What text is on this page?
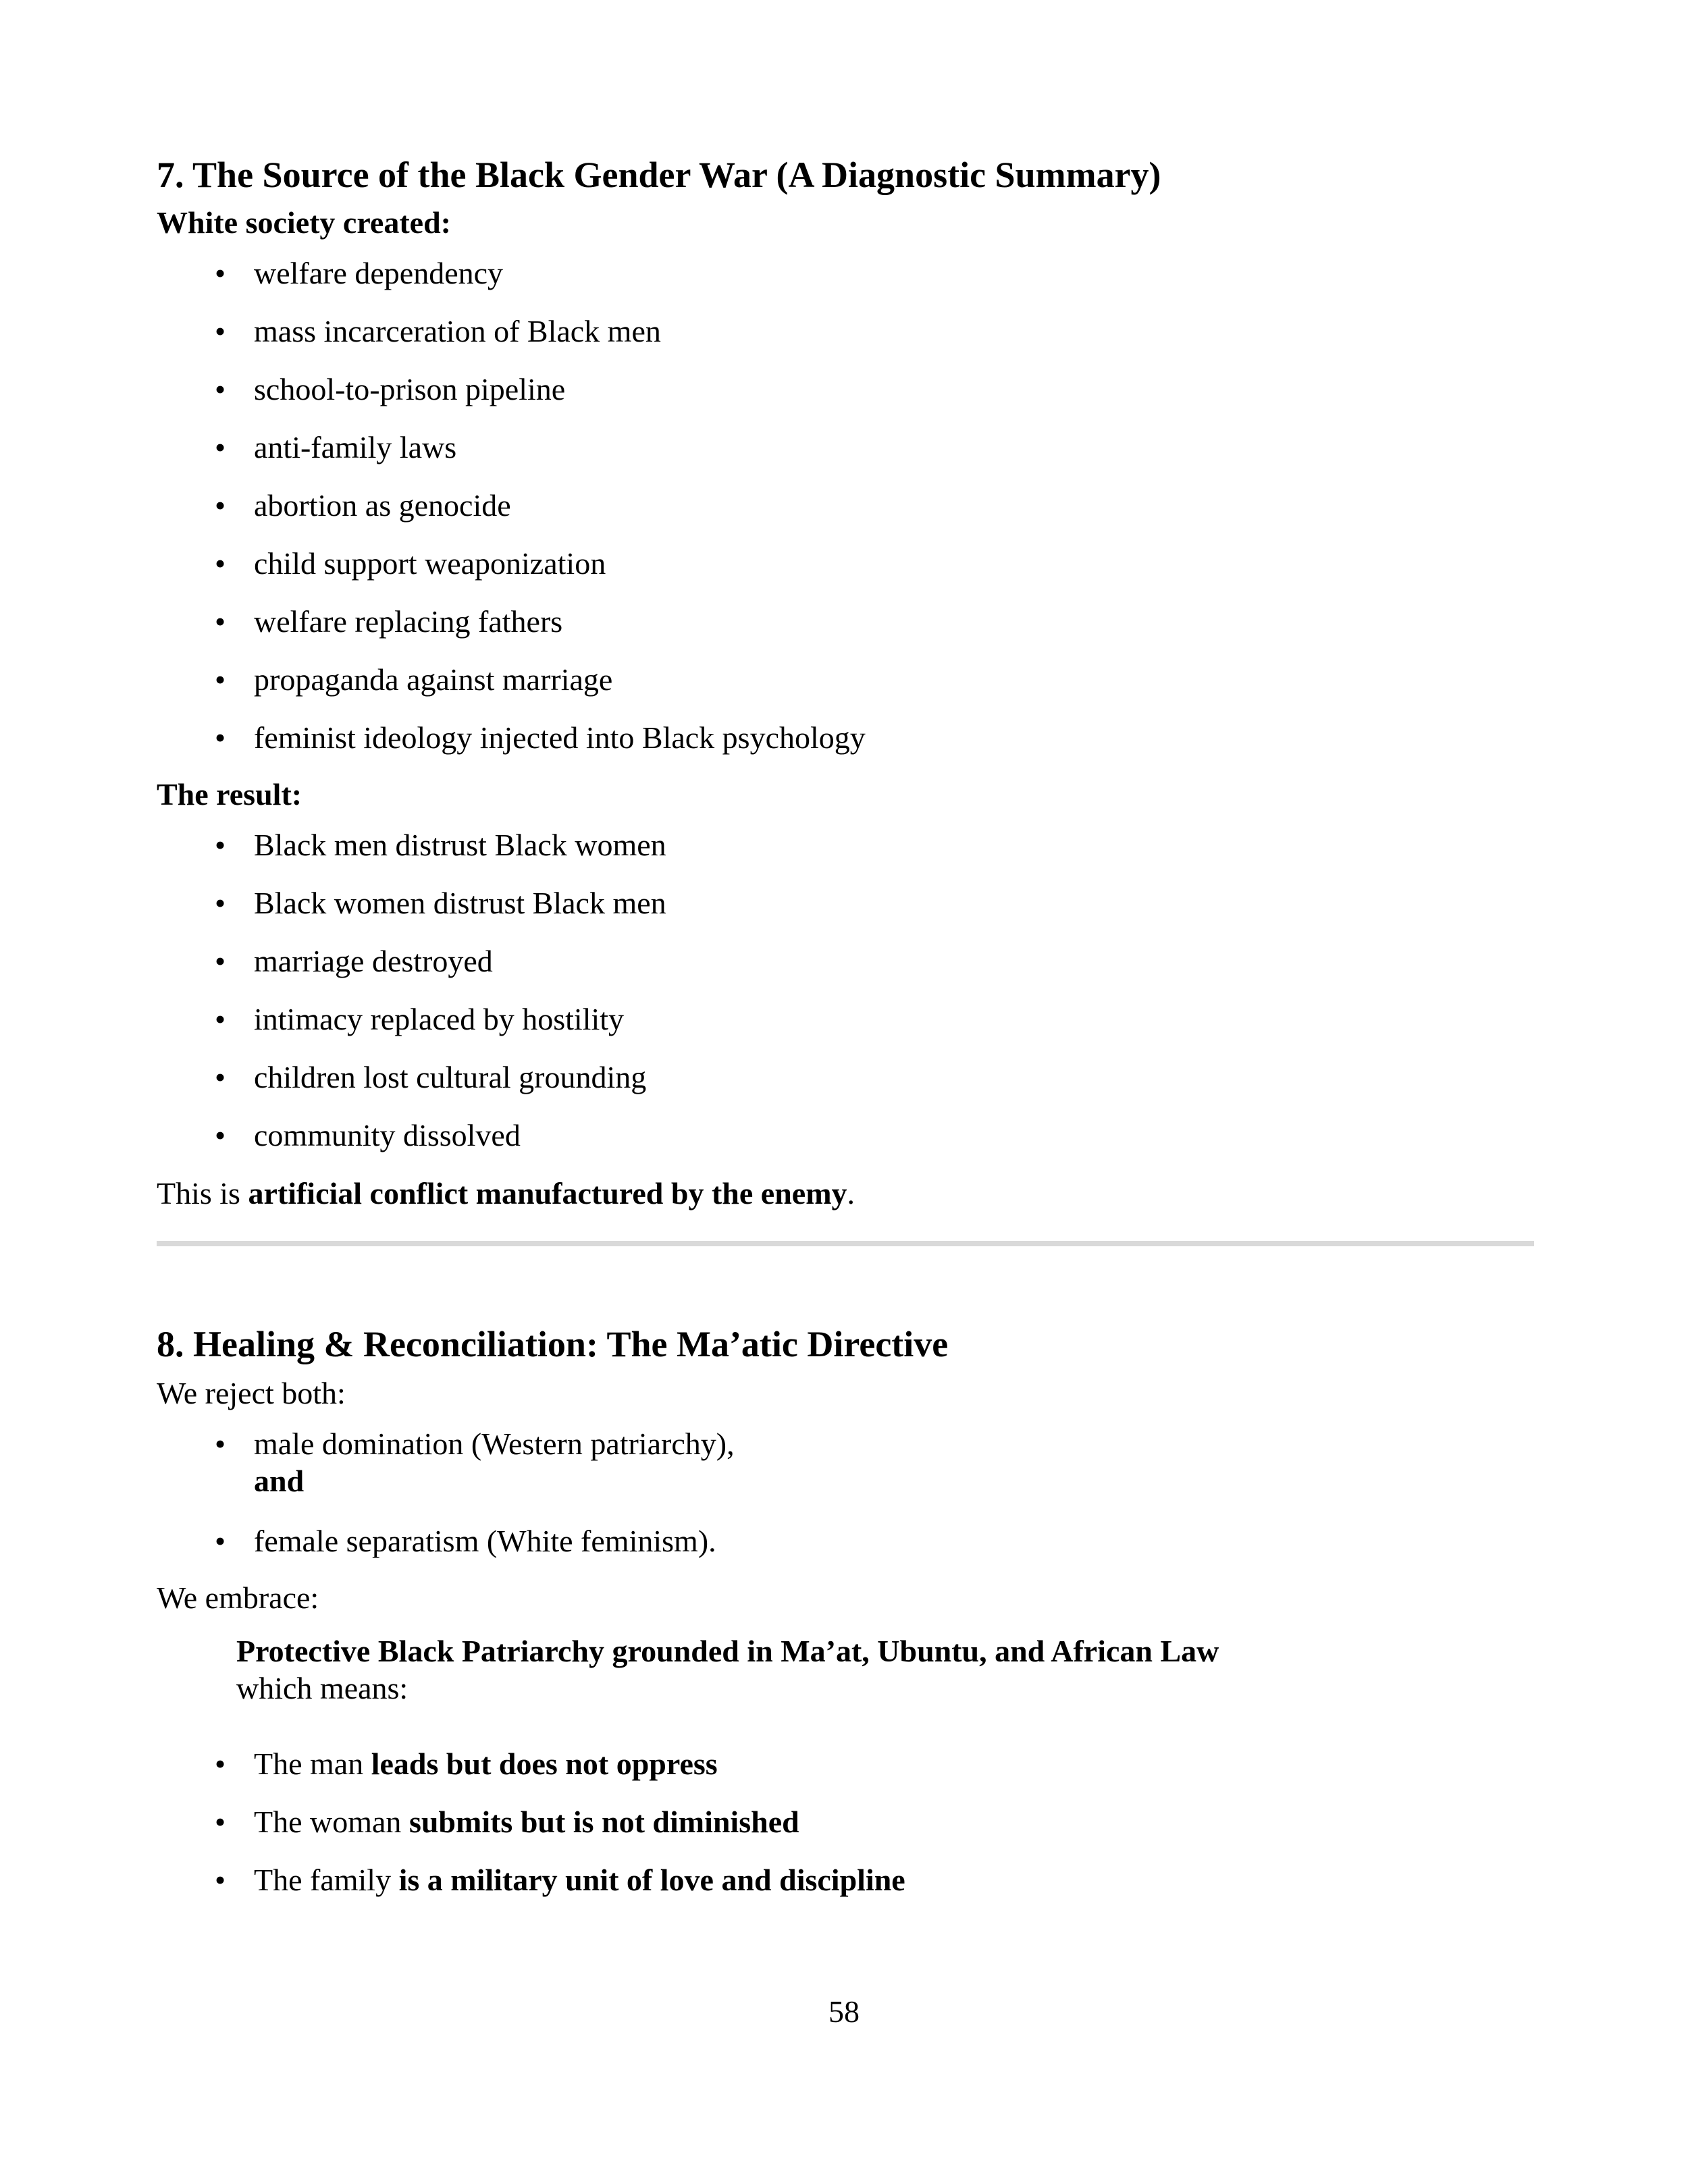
7. The Source of the Black Gender War (A Diagnostic Summary)

White society created:

• welfare dependency
• mass incarceration of Black men
• school-to-prison pipeline
• anti-family laws
• abortion as genocide
• child support weaponization
• welfare replacing fathers
• propaganda against marriage
• feminist ideology injected into Black psychology

The result:

• Black men distrust Black women
• Black women distrust Black men
• marriage destroyed
• intimacy replaced by hostility
• children lost cultural grounding
• community dissolved

This is artificial conflict manufactured by the enemy.

8. Healing & Reconciliation: The Ma’atic Directive

We reject both:

• male domination (Western patriarchy),
and
• female separatism (White feminism).

We embrace:

Protective Black Patriarchy grounded in Ma’at, Ubuntu, and African Law
which means:
• The man leads but does not oppress
• The woman submits but is not diminished
• The family is a military unit of love and discipline
58
